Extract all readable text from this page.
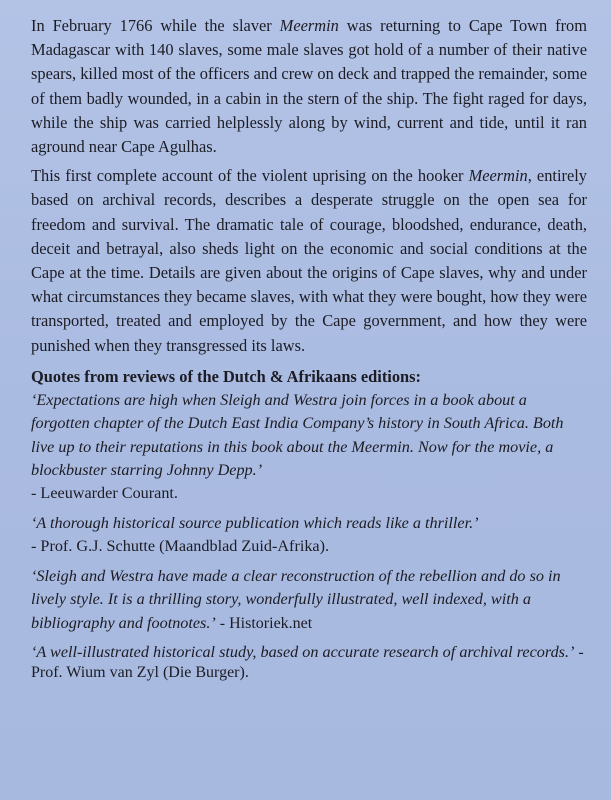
In February 1766 while the slaver Meermin was returning to Cape Town from Madagascar with 140 slaves, some male slaves got hold of a number of their native spears, killed most of the officers and crew on deck and trapped the remainder, some of them badly wounded, in a cabin in the stern of the ship. The fight raged for days, while the ship was carried helplessly along by wind, current and tide, until it ran aground near Cape Agulhas.

This first complete account of the violent uprising on the hooker Meermin, entirely based on archival records, describes a desperate struggle on the open sea for freedom and survival. The dramatic tale of courage, bloodshed, endurance, death, deceit and betrayal, also sheds light on the economic and social conditions at the Cape at the time. Details are given about the origins of Cape slaves, why and under what circumstances they became slaves, with what they were bought, how they were transported, treated and employed by the Cape government, and how they were punished when they transgressed its laws.

Quotes from reviews of the Dutch & Afrikaans editions:

‘Expectations are high when Sleigh and Westra join forces in a book about a forgotten chapter of the Dutch East India Company’s history in South Africa. Both live up to their reputations in this book about the Meermin. Now for the movie, a blockbuster starring Johnny Depp.’
- Leeuwarder Courant.
‘A thorough historical source publication which reads like a thriller.’
- Prof. G.J. Schutte (Maandblad Zuid-Afrika).
‘Sleigh and Westra have made a clear reconstruction of the rebellion and do so in lively style. It is a thrilling story, wonderfully illustrated, well indexed, with a bibliography and footnotes.’ - Historiek.net
‘A well-illustrated historical study, based on accurate research of archival records.’ - Prof. Wium van Zyl (Die Burger).
